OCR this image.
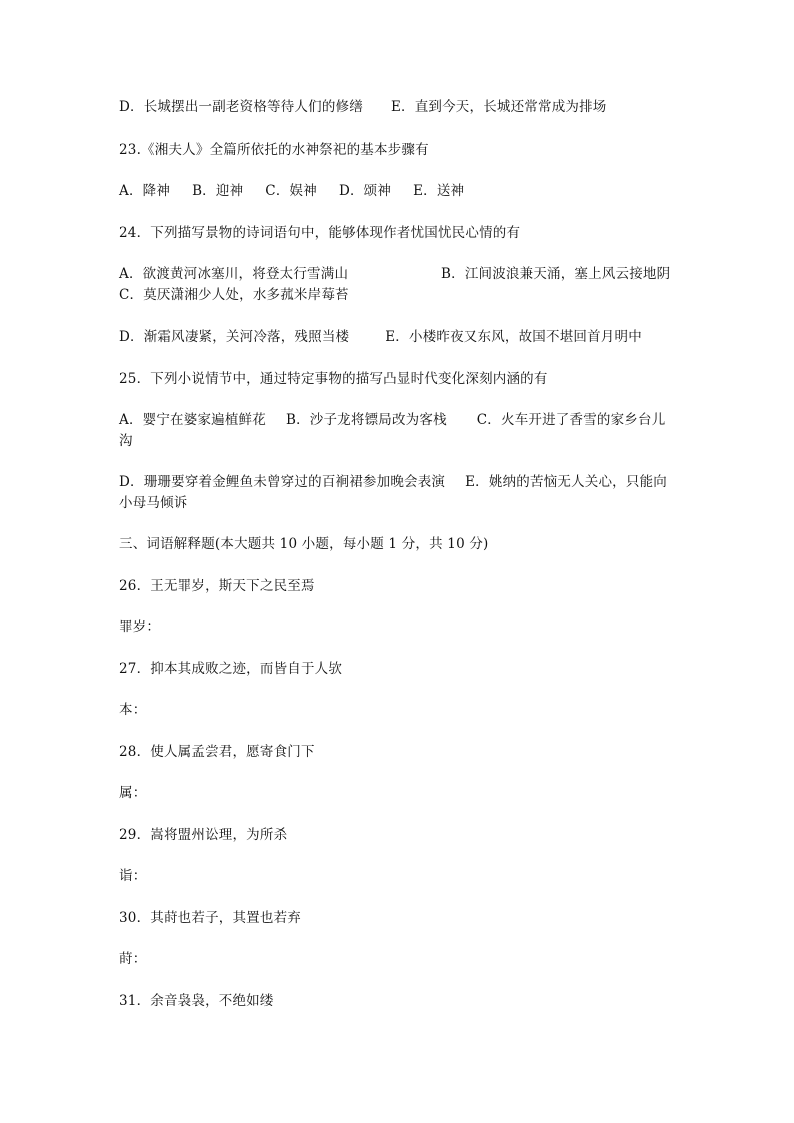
D．长城摆出一副老资格等待人们的修缮 E．直到今天，长城还常常成为排场
23.《湘夫人》全篇所依托的水神祭祀的基本步骤有
A．降神 B．迎神 C．娱神 D．颂神 E．送神
24．下列描写景物的诗词语句中，能够体现作者忧国忧民心情的有
A．欲渡黄河冰塞川，将登太行雪满山	B．江间波浪兼天涌，塞上风云接地阴
C．莫厌潇湘少人处，水多菰米岸莓苔
D．渐霜风凄紧，关河冷落，残照当楼	E．小楼昨夜又东风，故国不堪回首月明中
25．下列小说情节中，通过特定事物的描写凸显时代变化深刻内涵的有
A．婴宁在婆家遍植鲜花 B．沙子龙将镖局改为客栈 C．火车开进了香雪的家乡台儿
沟
D．珊珊要穿着金鲤鱼未曾穿过的百裥裙参加晚会表演 E．姚纳的苦恼无人关心，只能向
小母马倾诉
三、词语解释题(本大题共 10 小题，每小题 1 分，共 10 分)
26．王无罪岁，斯天下之民至焉
罪岁：
27．抑本其成败之迹，而皆自于人欤
本：
28．使人属孟尝君，愿寄食门下
属：
29．嵩将盟州讼理，为所杀
诣：
30．其莳也若子，其置也若弃
莳：
31．余音袅袅，不绝如缕
